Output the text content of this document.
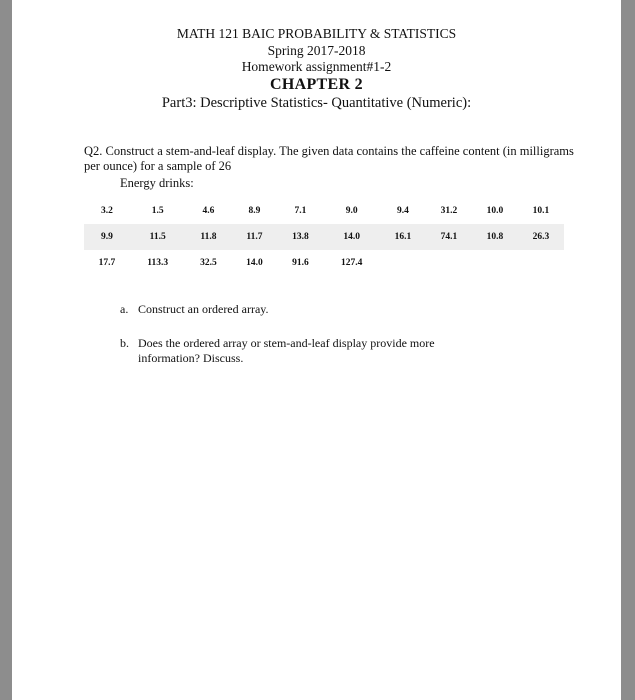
MATH 121 BAIC PROBABILITY & STATISTICS
Spring 2017-2018
Homework assignment#1-2
CHAPTER 2
Part3: Descriptive Statistics- Quantitative (Numeric):
Q2. Construct a stem-and-leaf display. The given data contains the caffeine content (in milligrams per ounce) for a sample of 26
Energy drinks:
3.2	1.5	4.6	8.9	7.1	9.0	9.4	31.2	10.0	10.1
9.9	11.5	11.8	11.7	13.8	14.0	16.1	74.1	10.8	26.3
17.7	113.3	32.5	14.0	91.6	127.4				
a. Construct an ordered array.
b. Does the ordered array or stem-and-leaf display provide more
information? Discuss.
